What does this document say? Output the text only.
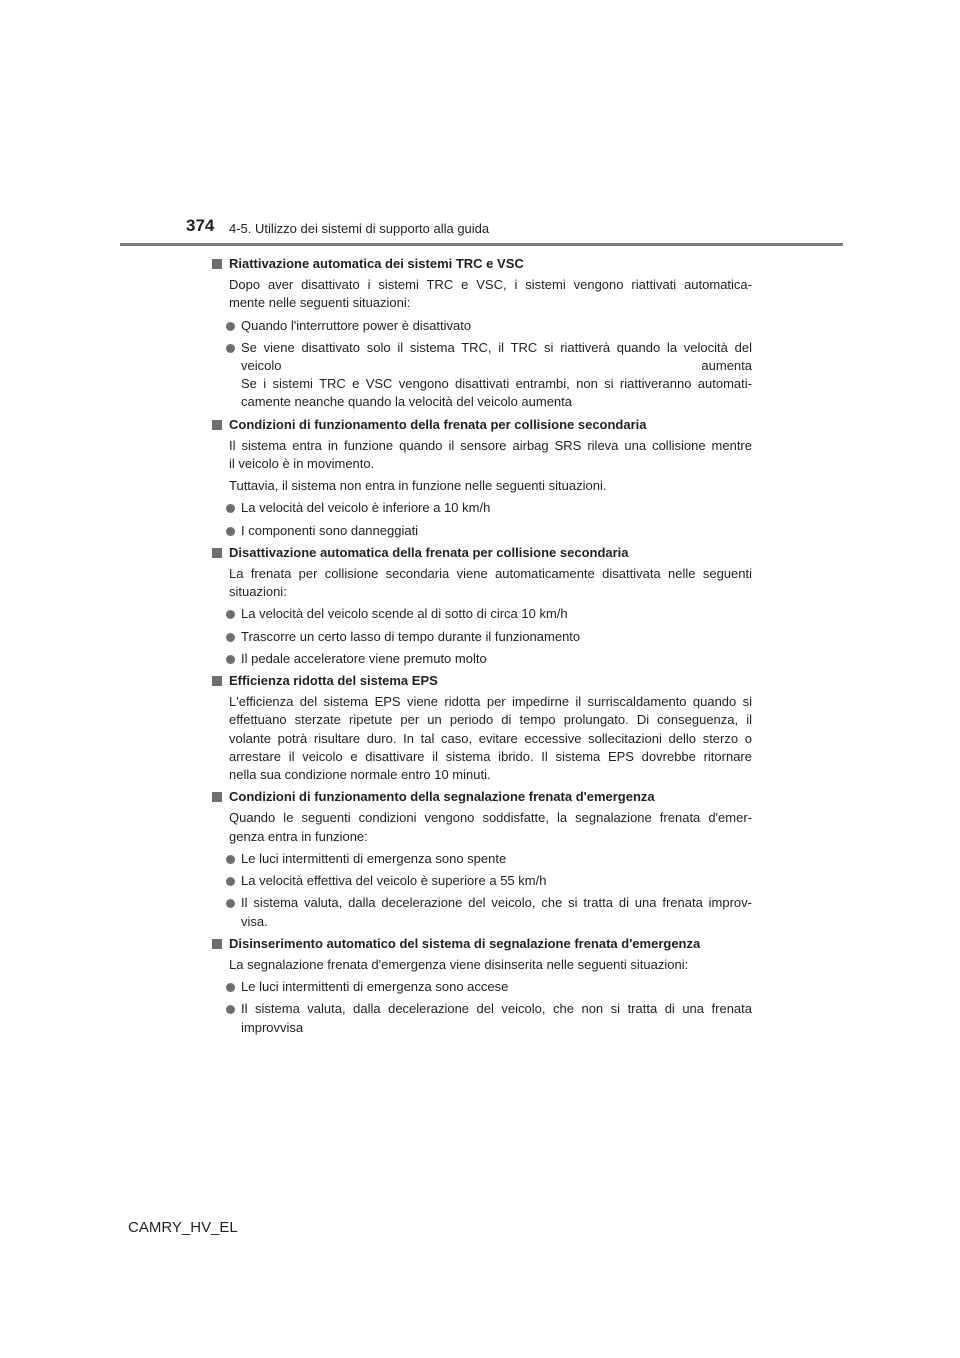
374 4-5. Utilizzo dei sistemi di supporto alla guida
Riattivazione automatica dei sistemi TRC e VSC
Dopo aver disattivato i sistemi TRC e VSC, i sistemi vengono riattivati automatica-
mente nelle seguenti situazioni:
Quando l'interruttore power è disattivato
Se viene disattivato solo il sistema TRC, il TRC si riattiverà quando la velocità del
veicolo aumenta
Se i sistemi TRC e VSC vengono disattivati entrambi, non si riattiveranno automati-
camente neanche quando la velocità del veicolo aumenta
Condizioni di funzionamento della frenata per collisione secondaria
Il sistema entra in funzione quando il sensore airbag SRS rileva una collisione mentre
il veicolo è in movimento.
Tuttavia, il sistema non entra in funzione nelle seguenti situazioni.
La velocità del veicolo è inferiore a 10 km/h
I componenti sono danneggiati
Disattivazione automatica della frenata per collisione secondaria
La frenata per collisione secondaria viene automaticamente disattivata nelle seguenti
situazioni:
La velocità del veicolo scende al di sotto di circa 10 km/h
Trascorre un certo lasso di tempo durante il funzionamento
Il pedale acceleratore viene premuto molto
Efficienza ridotta del sistema EPS
L'efficienza del sistema EPS viene ridotta per impedirne il surriscaldamento quando si
effettuano sterzate ripetute per un periodo di tempo prolungato. Di conseguenza, il
volante potrà risultare duro. In tal caso, evitare eccessive sollecitazioni dello sterzo o
arrestare il veicolo e disattivare il sistema ibrido. Il sistema EPS dovrebbe ritornare
nella sua condizione normale entro 10 minuti.
Condizioni di funzionamento della segnalazione frenata d'emergenza
Quando le seguenti condizioni vengono soddisfatte, la segnalazione frenata d'emer-
genza entra in funzione:
Le luci intermittenti di emergenza sono spente
La velocità effettiva del veicolo è superiore a 55 km/h
Il sistema valuta, dalla decelerazione del veicolo, che si tratta di una frenata improv-
visa.
Disinserimento automatico del sistema di segnalazione frenata d'emergenza
La segnalazione frenata d'emergenza viene disinserita nelle seguenti situazioni:
Le luci intermittenti di emergenza sono accese
Il sistema valuta, dalla decelerazione del veicolo, che non si tratta di una frenata
improvvisa
CAMRY_HV_EL
